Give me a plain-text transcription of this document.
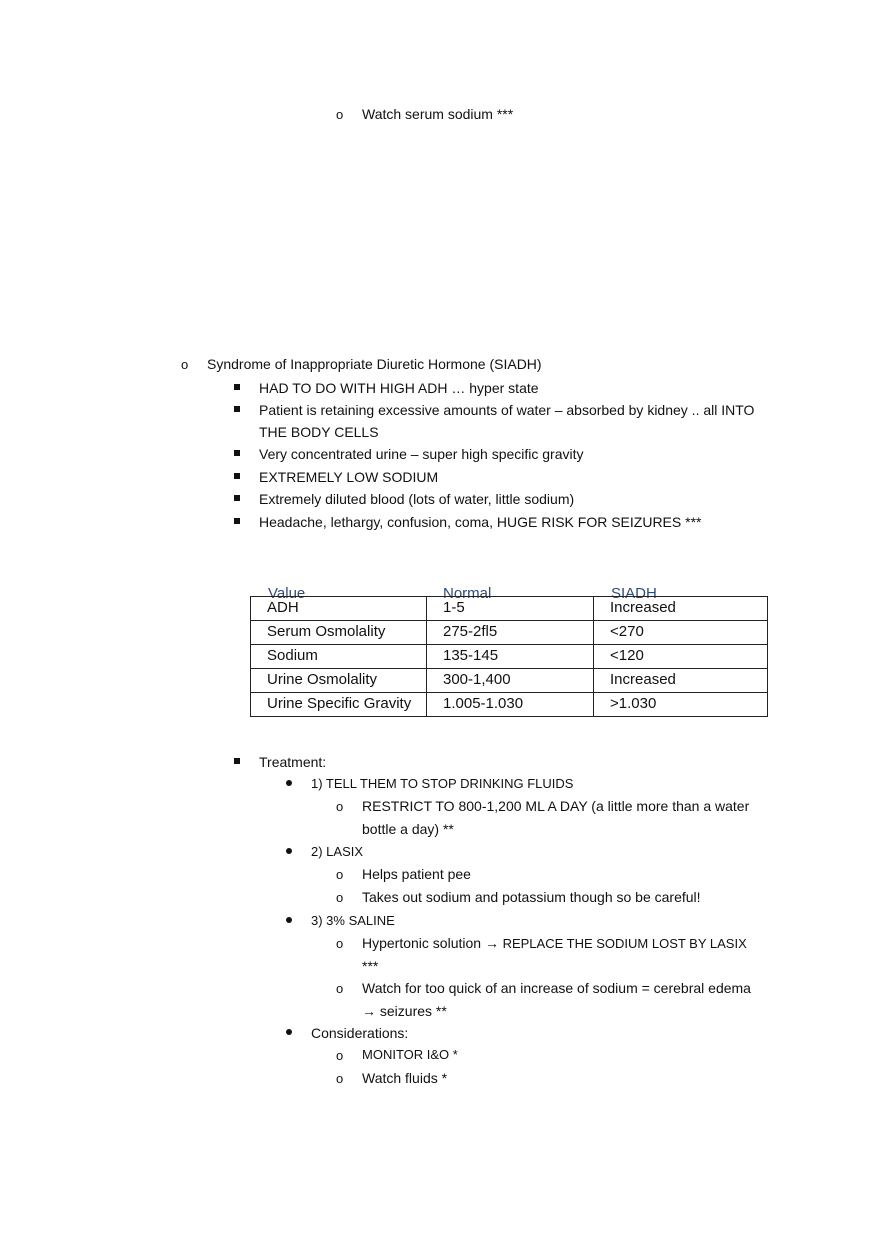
o Watch serum sodium ***
o Syndrome of Inappropriate Diuretic Hormone (SIADH)
HAD TO DO WITH HIGH ADH … hyper state
Patient is retaining excessive amounts of water – absorbed by kidney .. all INTO
THE BODY CELLS
Very concentrated urine – super high specific gravity
EXTREMELY LOW SODIUM
Extremely diluted blood (lots of water, little sodium)
Headache, lethargy, confusion, coma, HUGE RISK FOR SEIZURES ***
Value	Normal	SIADH
ADH	1-5	Increased
Serum Osmolality	275-2fl5	<270
Sodium	135-145	<120
Urine Osmolality	300-1,400	Increased
Urine Specific Gravity	1.005-1.030	>1.030
Treatment:
1) TELL THEM TO STOP DRINKING FLUIDS
o RESTRICT TO 800-1,200 ML A DAY (a little more than a water
bottle a day) **
2) LASIX
o Helps patient pee
o Takes out sodium and potassium though so be careful!
3) 3% SALINE
o Hypertonic solution → REPLACE THE SODIUM LOST BY LASIX
***
o Watch for too quick of an increase of sodium = cerebral edema
→ seizures **
Considerations:
o MONITOR I&O *
o Watch fluids *
